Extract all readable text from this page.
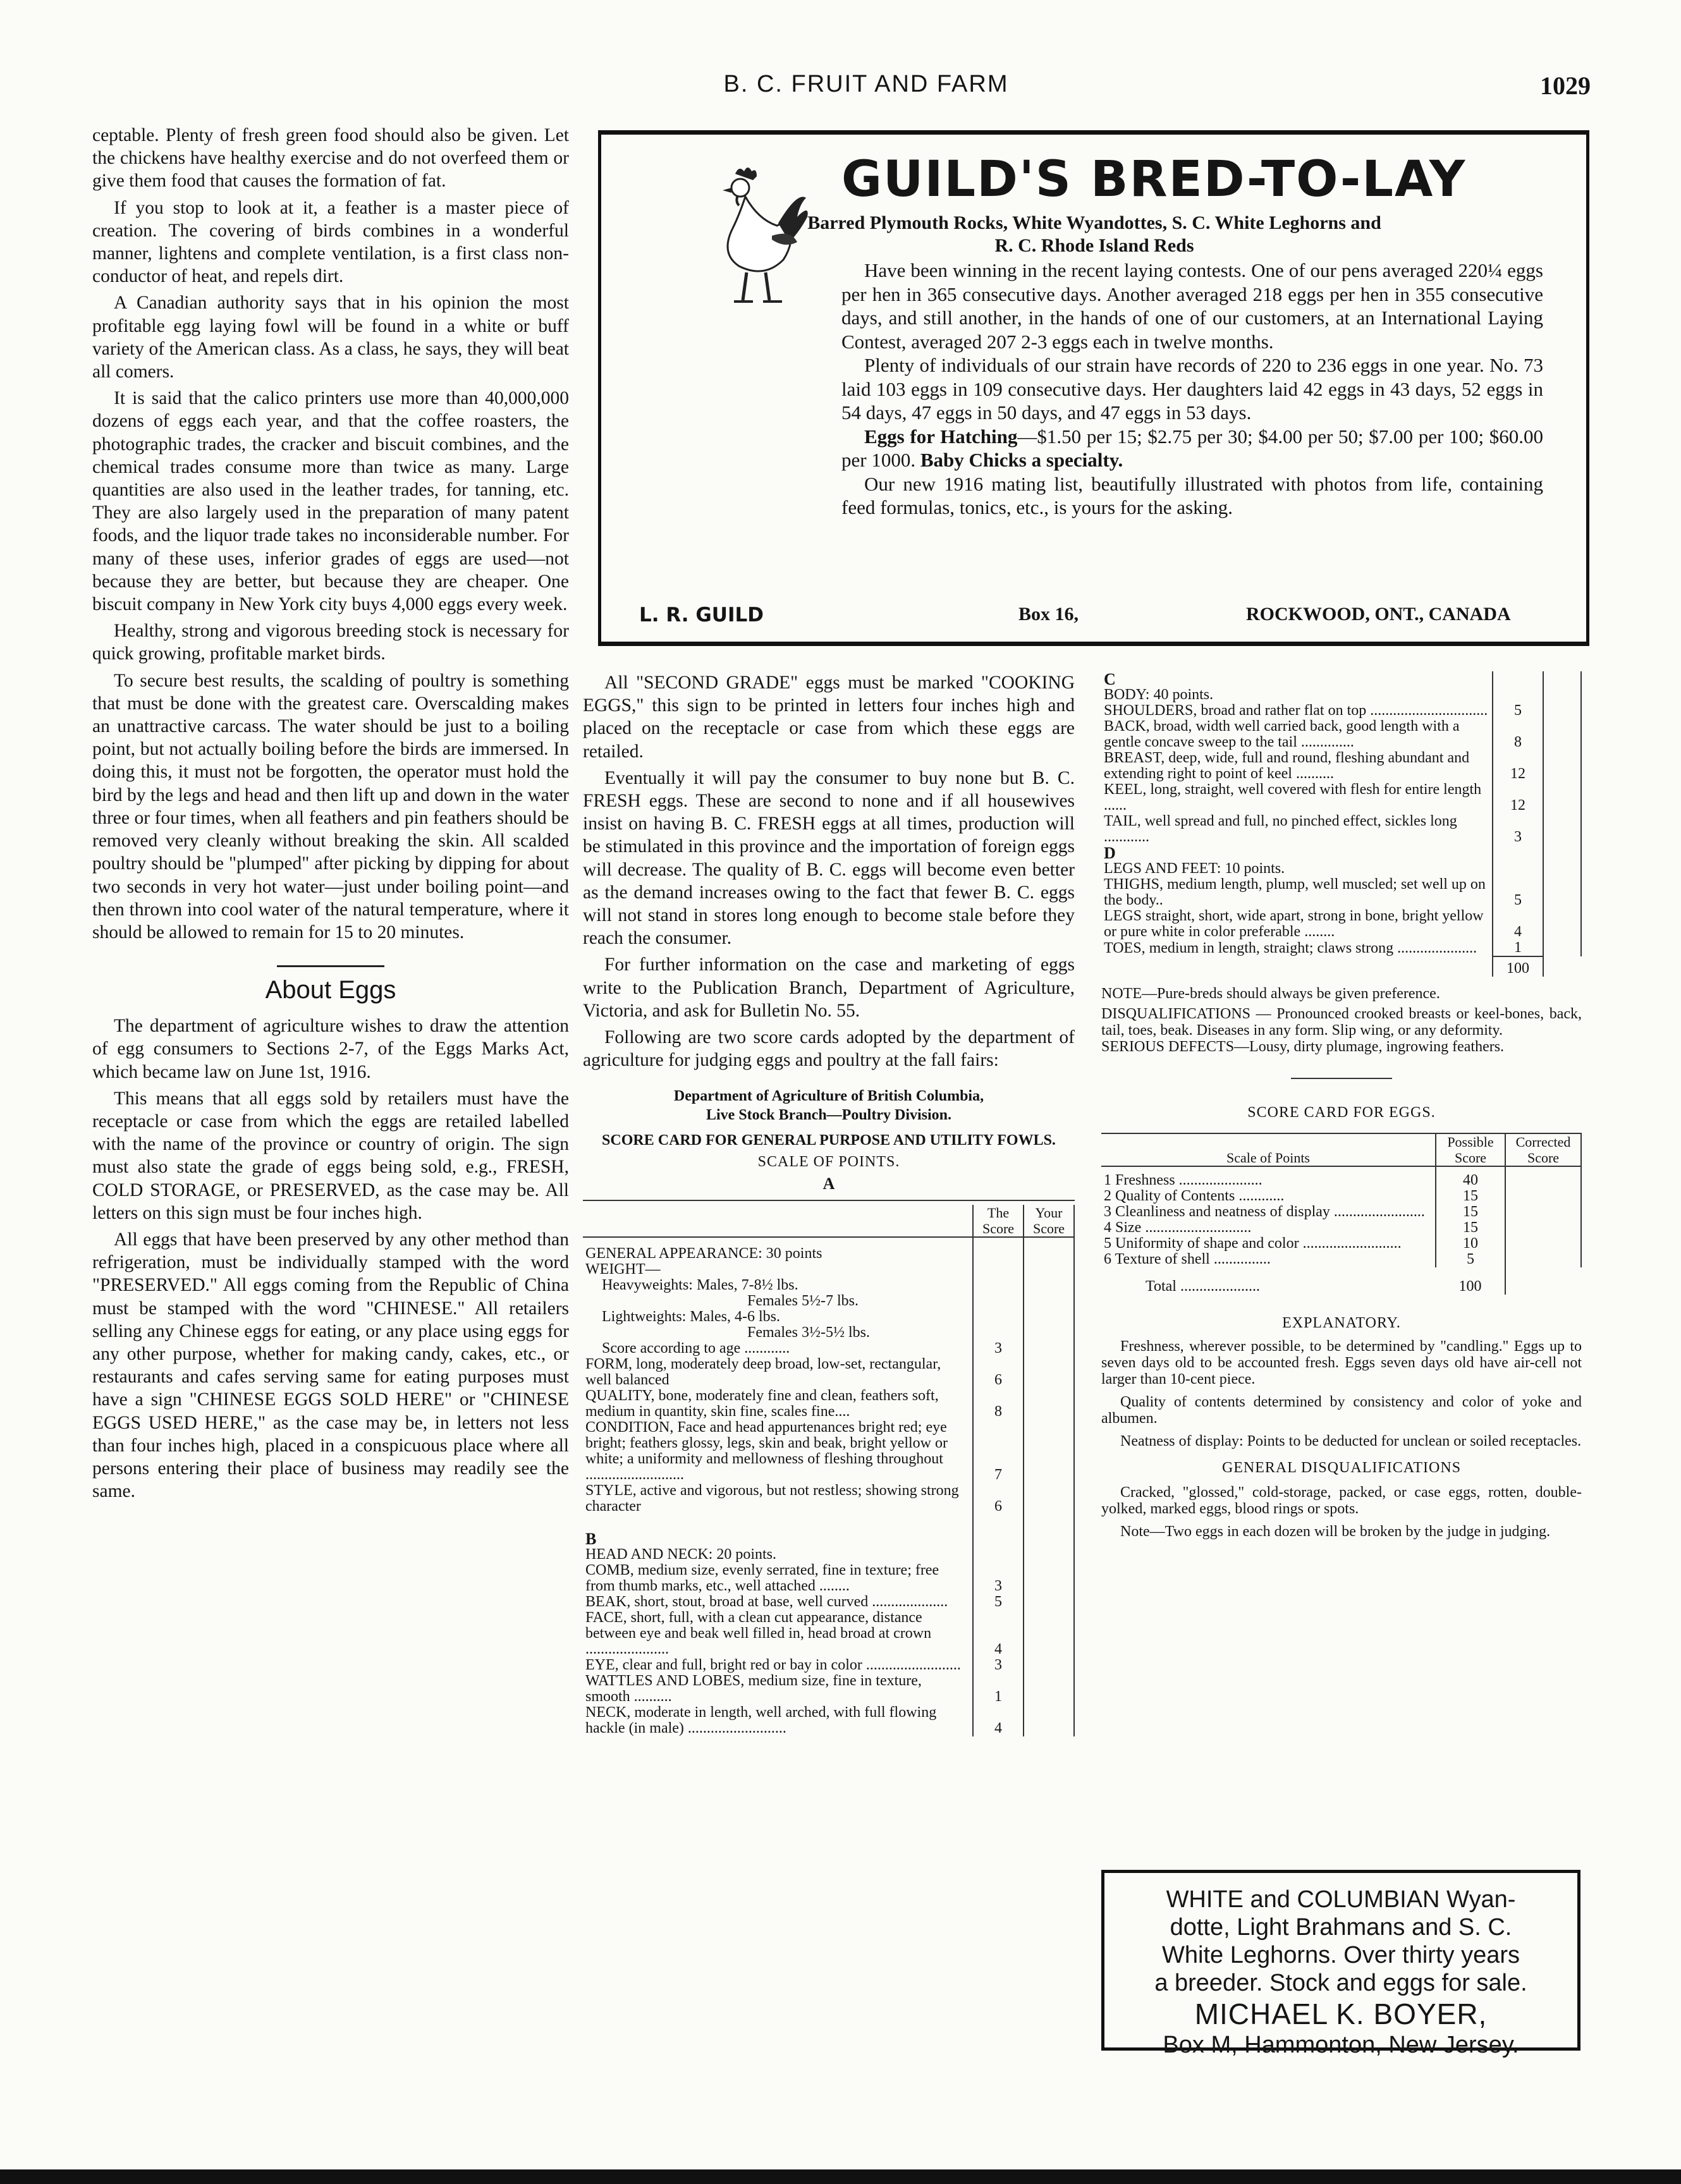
B. C. FRUIT AND FARM	1029

ceptable. Plenty of fresh green food should also be given. Let the chickens have healthy exercise and do not overfeed them or give them food that causes the formation of fat.

If you stop to look at it, a feather is a master piece of creation. The covering of birds combines in a wonderful manner, lightens and complete ventilation, is a first class non-conductor of heat, and repels dirt.

A Canadian authority says that in his opinion the most profitable egg laying fowl will be found in a white or buff variety of the American class. As a class, he says, they will beat all comers.

It is said that the calico printers use more than 40,000,000 dozens of eggs each year, and that the coffee roasters, the photographic trades, the cracker and biscuit combines, and the chemical trades consume more than twice as many. Large quantities are also used in the leather trades, for tanning, etc. They are also largely used in the preparation of many patent foods, and the liquor trade takes no inconsiderable number. For many of these uses, inferior grades of eggs are used—not because they are better, but because they are cheaper. One biscuit company in New York city buys 4,000 eggs every week.

Healthy, strong and vigorous breeding stock is necessary for quick growing, profitable market birds.

To secure best results, the scalding of poultry is something that must be done with the greatest care. Overscalding makes an unattractive carcass. The water should be just to a boiling point, but not actually boiling before the birds are immersed. In doing this, it must not be forgotten, the operator must hold the bird by the legs and head and then lift up and down in the water three or four times, when all feathers and pin feathers should be removed very cleanly without breaking the skin. All scalded poultry should be "plumped" after picking by dipping for about two seconds in very hot water—just under boiling point—and then thrown into cool water of the natural temperature, where it should be allowed to remain for 15 to 20 minutes.

About Eggs

The department of agriculture wishes to draw the attention of egg consumers to Sections 2-7, of the Eggs Marks Act, which became law on June 1st, 1916.

This means that all eggs sold by retailers must have the receptacle or case from which the eggs are retailed labelled with the name of the province or country of origin. The sign must also state the grade of eggs being sold, e.g., FRESH, COLD STORAGE, or PRESERVED, as the case may be. All letters on this sign must be four inches high.

All eggs that have been preserved by any other method than refrigeration, must be individually stamped with the word "PRESERVED." All eggs coming from the Republic of China must be stamped with the word "CHINESE." All retailers selling any Chinese eggs for eating, or any place using eggs for any other purpose, whether for making candy, cakes, etc., or restaurants and cafes serving same for eating purposes must have a sign "CHINESE EGGS SOLD HERE" or "CHINESE EGGS USED HERE," as the case may be, in letters not less than four inches high, placed in a conspicuous place where all persons entering their place of business may readily see the same.

GUILD'S BRED-TO-LAY
Barred Plymouth Rocks, White Wyandottes, S. C. White Leghorns and R. C. Rhode Island Reds

Have been winning in the recent laying contests. One of our pens averaged 220¼ eggs per hen in 365 consecutive days. Another averaged 218 eggs per hen in 355 consecutive days, and still another, in the hands of one of our customers, at an International Laying Contest, averaged 207 2-3 eggs each in twelve months.

Plenty of individuals of our strain have records of 220 to 236 eggs in one year. No. 73 laid 103 eggs in 109 consecutive days. Her daughters laid 42 eggs in 43 days, 52 eggs in 54 days, 47 eggs in 50 days, and 47 eggs in 53 days.

Eggs for Hatching—$1.50 per 15; $2.75 per 30; $4.00 per 50; $7.00 per 100; $60.00 per 1000. Baby Chicks a specialty.

Our new 1916 mating list, beautifully illustrated with photos from life, containing feed formulas, tonics, etc., is yours for the asking.

L. R. GUILD	Box 16,	ROCKWOOD, ONT., CANADA

All "SECOND GRADE" eggs must be marked "COOKING EGGS," this sign to be printed in letters four inches high and placed on the receptacle or case from which these eggs are retailed.

Eventually it will pay the consumer to buy none but B. C. FRESH eggs. These are second to none and if all housewives insist on having B. C. FRESH eggs at all times, production will be stimulated in this province and the importation of foreign eggs will decrease. The quality of B. C. eggs will become even better as the demand increases owing to the fact that fewer B. C. eggs will not stand in stores long enough to become stale before they reach the consumer.

For further information on the case and marketing of eggs write to the Publication Branch, Department of Agriculture, Victoria, and ask for Bulletin No. 55.

Following are two score cards adopted by the department of agriculture for judging eggs and poultry at the fall fairs:

Department of Agriculture of British Columbia,
Live Stock Branch—Poultry Division.
SCORE CARD FOR GENERAL PURPOSE AND UTILITY FOWLS.
SCALE OF POINTS.
A
	The Score	Your Score

GENERAL APPEARANCE: 30 points		
WEIGHT—		
Heavyweights: Males, 7-8½ lbs.		
Females 5½-7 lbs.		
Lightweights: Males, 4-6 lbs.		
Females 3½-5½ lbs.		
Score according to age ............	3	
FORM, long, moderately deep broad, low-set, rectangular, well balanced	6	
QUALITY, bone, moderately fine and clean, feathers soft, medium in quantity, skin fine, scales fine....	8	
CONDITION, Face and head appurtenances bright red; eye bright; feathers glossy, legs, skin and beak, bright yellow or white; a uniformity and mellowness of fleshing throughout ..........................	7	
STYLE, active and vigorous, but not restless; showing strong character	6	

B		
HEAD AND NECK: 20 points.		
COMB, medium size, evenly serrated, fine in texture; free from thumb marks, etc., well attached ........	3	
BEAK, short, stout, broad at base, well curved ....................	5	
FACE, short, full, with a clean cut appearance, distance between eye and beak well filled in, head broad at crown ......................	4	
EYE, clear and full, bright red or bay in color .........................	3	
WATTLES AND LOBES, medium size, fine in texture, smooth ..........	1	
NECK, moderate in length, well arched, with full flowing hackle (in male) ..........................	4	
C		
BODY: 40 points.		
SHOULDERS, broad and rather flat on top ...............................	5	
BACK, broad, width well carried back, good length with a gentle concave sweep to the tail ..............	8	
BREAST, deep, wide, full and round, fleshing abundant and extending right to point of keel ..........	12	
KEEL, long, straight, well covered with flesh for entire length ......	12	
TAIL, well spread and full, no pinched effect, sickles long ............	3	
D		
LEGS AND FEET: 10 points.		
THIGHS, medium length, plump, well muscled; set well up on the body..	5	
LEGS straight, short, wide apart, strong in bone, bright yellow or pure white in color preferable ........	4	
TOES, medium in length, straight; claws strong .....................	1	
	100	
NOTE—Pure-breds should always be given preference.
DISQUALIFICATIONS — Pronounced crooked breasts or keel-bones, back, tail, toes, beak. Diseases in any form. Slip wing, or any deformity.
SERIOUS DEFECTS—Lousy, dirty plumage, ingrowing feathers.
SCORE CARD FOR EGGS.
Scale of Points	Possible Score	Corrected Score

1 Freshness ......................	40	
2 Quality of Contents ............	15	
3 Cleanliness and neatness of display ........................	15	
4 Size ............................	15	
5 Uniformity of shape and color ..........................	10	
6 Texture of shell ...............	5	
Total .....................	100	
EXPLANATORY.
Freshness, wherever possible, to be determined by "candling." Eggs up to seven days old to be accounted fresh. Eggs seven days old have air-cell not larger than 10-cent piece.
Quality of contents determined by consistency and color of yoke and albumen.
Neatness of display: Points to be deducted for unclean or soiled receptacles.
GENERAL DISQUALIFICATIONS
Cracked, "glossed," cold-storage, packed, or case eggs, rotten, double-yolked, marked eggs, blood rings or spots.
Note—Two eggs in each dozen will be broken by the judge in judging.
WHITE and COLUMBIAN Wyan-
dotte, Light Brahmans and S. C.
White Leghorns. Over thirty years
a breeder. Stock and eggs for sale.
MICHAEL K. BOYER,
Box M, Hammonton, New Jersey.
